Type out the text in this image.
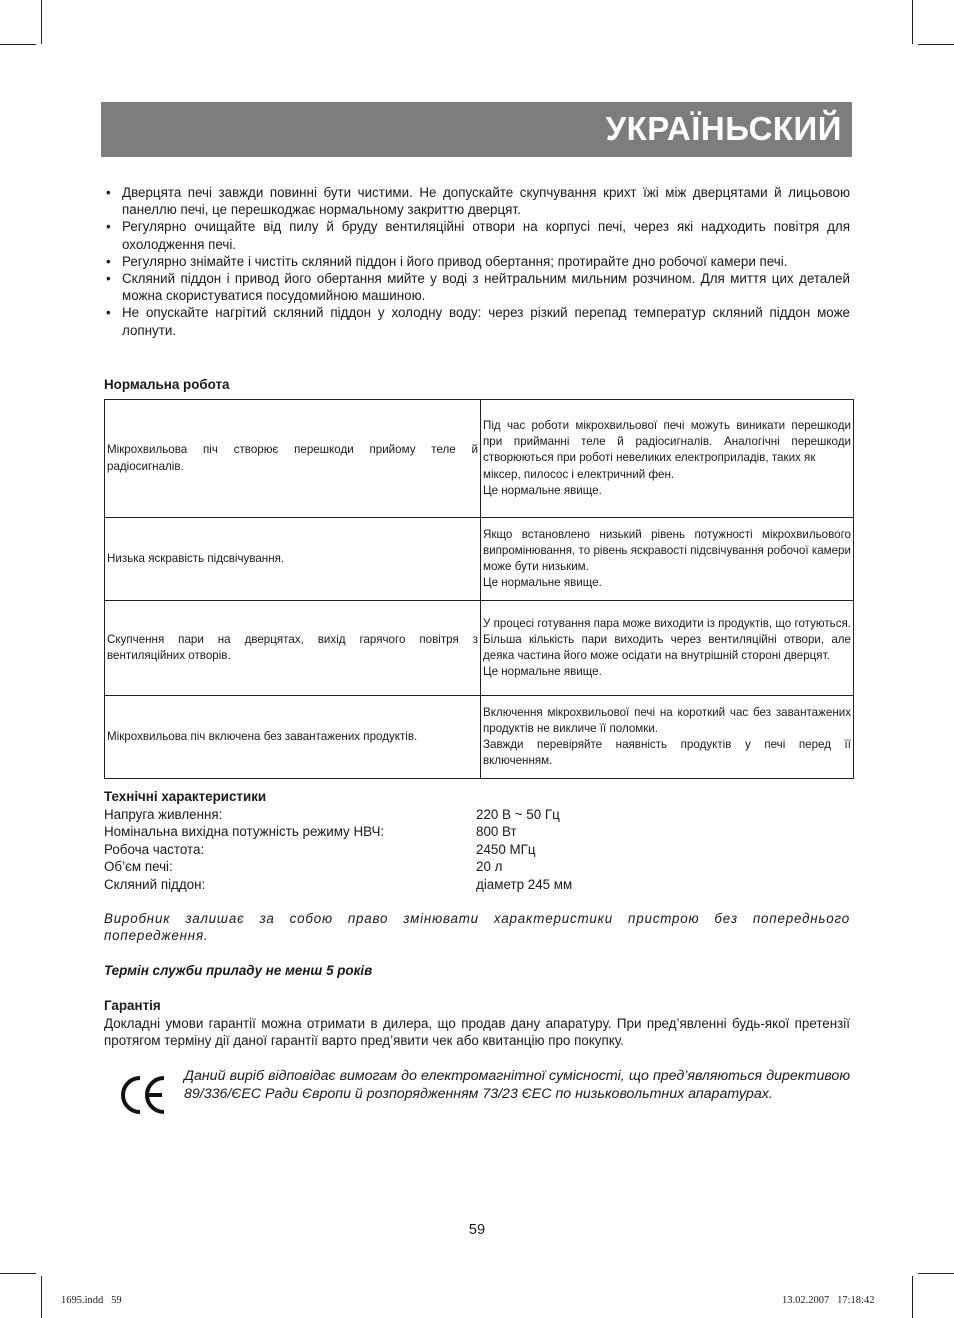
УКРАЇНЬСКИЙ
• Дверцята печі завжди повинні бути чистими. Не допускайте скупчування крихт їжі між дверцятами й лицьовою панеллю печі, це перешкоджає нормальному закриттю дверцят.
• Регулярно очищайте від пилу й бруду вентиляційні отвори на корпусі печі, через які надходить повітря для охолодження печі.
• Регулярно знімайте і чистіть скляний піддон і його привод обертання; протирайте дно робочої камери печі.
• Скляний піддон і привод його обертання мийте у воді з нейтральним мильним розчином. Для миття цих деталей можна скористуватися посудомийною машиною.
• Не опускайте нагрітий скляний піддон у холодну воду: через різкий перепад температур скляний піддон може лопнути.
Нормальна робота
Мікрохвильова піч створює перешкоди прийому теле й радіосигналів.	Під час роботи мікрохвильової печі можуть виникати перешкоди при прийманні теле й радіосигналів. Аналогічні перешкоди створюються при роботі невеликих електроприладів, таких як
міксер, пилосос і електричний фен.
Це нормальне явище.
Низька яскравість підсвічування.	Якщо встановлено низький рівень потужності мікрохвильового випромінювання, то рівень яскравості підсвічування робочої камери може бути низьким.
Це нормальне явище.
Скупчення пари на дверцятах, вихід гарячого повітря з вентиляційних отворів.	У процесі готування пара може виходити із продуктів, що готуються. Більша кількість пари виходить через вентиляційні отвори, але деяка частина його може осідати на внутрішній стороні дверцят.
Це нормальне явище.
Мікрохвильова піч включена без завантажених продуктів.	Включення мікрохвильової печі на короткий час без завантажених продуктів не викличе її поломки.
Завжди перевіряйте наявність продуктів у печі перед її включенням.
Технічні характеристики
Напруга живлення:	220 В ~ 50 Гц
Номінальна вихідна потужність режиму НВЧ:	800 Вт
Робоча частота:	2450 МГц
Об’єм печі:	20 л
Скляний піддон:	діаметр 245 мм
Виробник залишає за собою право змінювати характеристики пристрою без попереднього попередження.
Термін служби приладу не менш 5 років
Гарантія
Докладні умови гарантії можна отримати в дилера, що продав дану апаратуру. При пред’явленні будь-якої претензії протягом терміну дії даної гарантії варто пред’явити чек або квитанцію про покупку.
Даний виріб відповідає вимогам до електромагнітної сумісності, що пред’являються директивою 89/336/ЄЕС Ради Європи й розпорядженням 73/23 ЄЕС по низьковольтних апаратурах.
59
1695.indd   59	13.02.2007   17:18:42
